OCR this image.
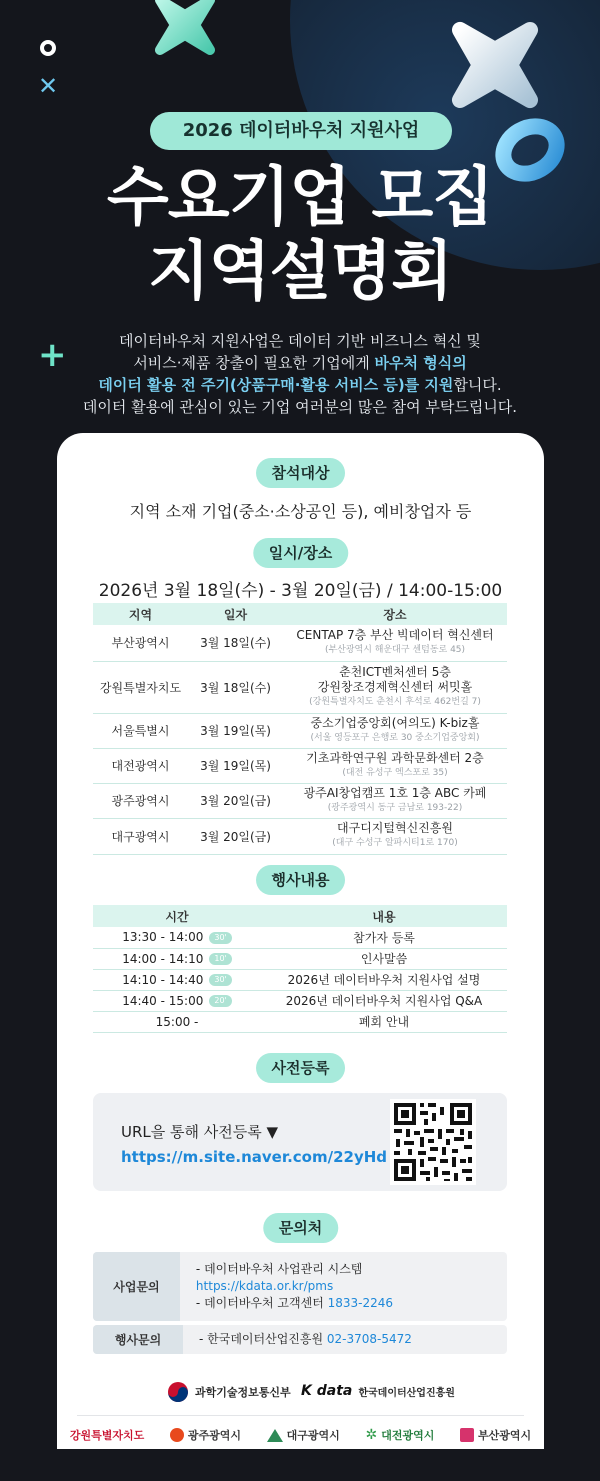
✕
+
2026 데이터바우처 지원사업
수요기업 모집
지역설명회
데이터바우처 지원사업은 데이터 기반 비즈니스 혁신 및
서비스·제품 창출이 필요한 기업에게 바우처 형식의
데이터 활용 전 주기(상품구매·활용 서비스 등)를 지원합니다.
데이터 활용에 관심이 있는 기업 여러분의 많은 참여 부탁드립니다.
참석대상
지역 소재 기업(중소·소상공인 등), 예비창업자 등
일시/장소
2026년 3월 18일(수) - 3월 20일(금) / 14:00-15:00
지역	일자	장소
부산광역시	3월 18일(수)	CENTAP 7층 부산 빅데이터 혁신센터
(부산광역시 해운대구 센텀동로 45)

강원특별자치도	3월 18일(수)	춘천ICT벤처센터 5층
강원창조경제혁신센터 써밋홀
(강원특별자치도 춘천시 후석로 462번길 7)

서울특별시	3월 19일(목)	중소기업중앙회(여의도) K-biz홀
(서울 영등포구 은행로 30 중소기업중앙회)

대전광역시	3월 19일(목)	기초과학연구원 과학문화센터 2층
(대전 유성구 엑스포로 35)

광주광역시	3월 20일(금)	광주AI창업캠프 1호 1층 ABC 카페
(광주광역시 동구 금남로 193-22)

대구광역시	3월 20일(금)	대구디지털혁신진흥원
(대구 수성구 알파시티1로 170)
행사내용
시간	내용
13:30 - 14:00 30'	참가자 등록
14:00 - 14:10 10'	인사말씀
14:10 - 14:40 30'	2026년 데이터바우처 지원사업 설명
14:40 - 15:00 20'	2026년 데이터바우처 지원사업 Q&A
15:00 -	폐회 안내
사전등록
URL을 통해 사전등록 ▼
https://m.site.naver.com/22yHd
문의처
사업문의
- 데이터바우처 사업관리 시스템 https://kdata.or.kr/pms
- 데이터바우처 고객센터 1833-2246
행사문의	- 한국데이터산업진흥원 02-3708-5472
과학기술정보통신부 K data 한국데이터산업진흥원
강원특별자치도	광주광역시	대구광역시 ✲ 대전광역시	부산광역시
